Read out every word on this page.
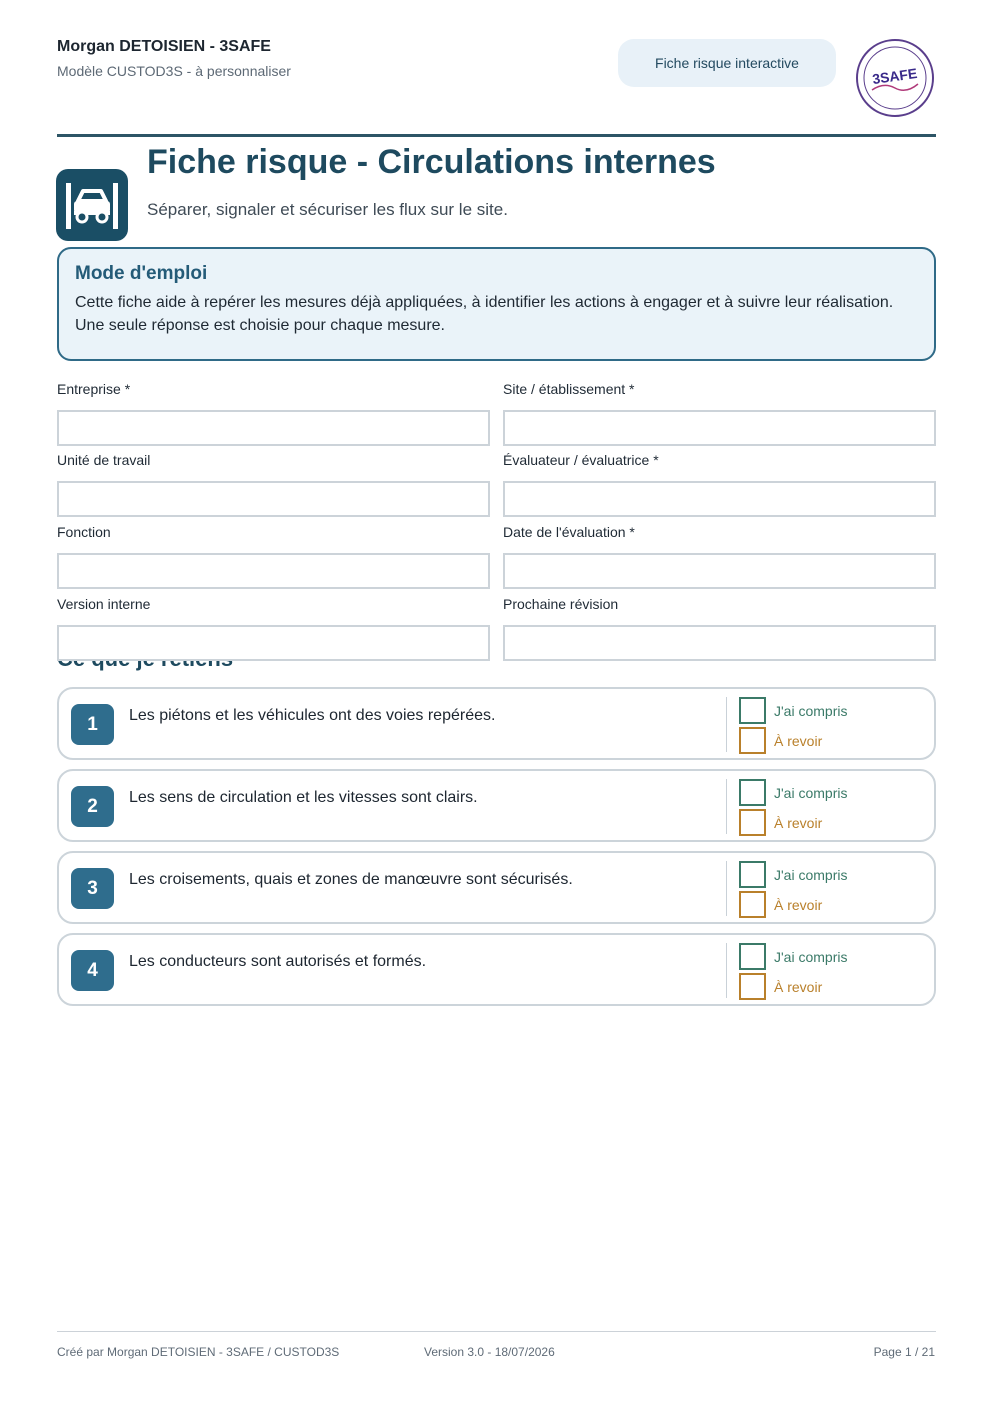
Morgan DETOISIEN - 3SAFE
Modèle CUSTOD3S - à personnaliser	Fiche risque interactive
3SAFE
Fiche risque - Circulations internes
Séparer, signaler et sécuriser les flux sur le site.
Mode d'emploi
Cette fiche aide à repérer les mesures déjà appliquées, à identifier les actions à engager et à suivre leur réalisation. Une seule réponse est choisie pour chaque mesure.
Entreprise *	Site / établissement *
Unité de travail	Évaluateur / évaluatrice *
Fonction	Date de l'évaluation *
Version interne	Prochaine révision
1	Les piétons et les véhicules ont des voies repérées.	J'ai compris
À revoir
2	Les sens de circulation et les vitesses sont clairs.	J'ai compris
À revoir
3	Les croisements, quais et zones de manœuvre sont sécurisés.	J'ai compris
À revoir
4	Les conducteurs sont autorisés et formés.	J'ai compris
À revoir
Créé par Morgan DETOISIEN - 3SAFE / CUSTOD3S	Version 3.0 - 18/07/2026	Page 1 / 21
